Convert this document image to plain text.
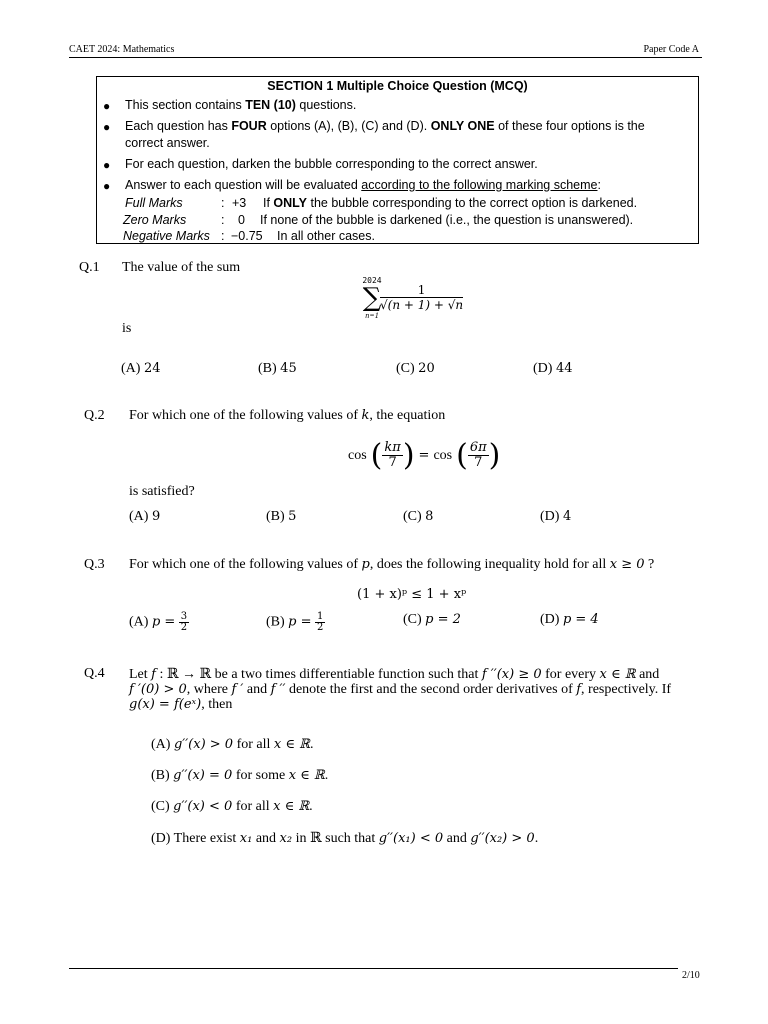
CAET 2024: Mathematics	Paper Code A
SECTION 1 Multiple Choice Question (MCQ)
● This section contains TEN (10) questions.
● Each question has FOUR options (A), (B), (C) and (D). ONLY ONE of these four options is the correct answer.
● For each question, darken the bubble corresponding to the correct answer.
● Answer to each question will be evaluated according to the following marking scheme:
Full Marks	: +3 If ONLY the bubble corresponding to the correct option is darkened.
Zero Marks	: 0 If none of the bubble is darkened (i.e., the question is unanswered).
Negative Marks : −0.75 In all other cases.
Q.1 The value of the sum
2024
∑
n=1
$\frac{1}{√(n + 1) + √n}$
is
(A) 24	(B) 45	(C) 20	(D) 44
Q.2 For which one of the following values of k, the equation
cos ( $\frac{k\pi}{7}$ ) = cos ( $\frac{6\pi}{7}$ )
is satisfied?
(A) 9	(B) 5	(C) 8	(D) 4
Q.3 For which one of the following values of p, does the following inequality hold for all x ≥ 0 ?
(1 + x)ᵖ ≤ 1 + xᵖ
(A) $p = \frac{3}{2}$	(B) $p = \frac{1}{2}$	(C) p = 2	(D) p = 4
Q.4 Let f : ℝ → ℝ be a two times differentiable function such that f ′′(x) ≥ 0 for every x ∈ ℝ and
f ′(0) > 0, where f ′ and f ′′ denote the first and the second order derivatives of f, respectively. If
g(x) = f(eˣ), then
(A) g′′(x) > 0 for all x ∈ ℝ.
(B) g′′(x) = 0 for some x ∈ ℝ.
(C) g′′(x) < 0 for all x ∈ ℝ.
(D) There exist x₁ and x₂ in ℝ such that g′′(x₁) < 0 and g′′(x₂) > 0.
2/10
